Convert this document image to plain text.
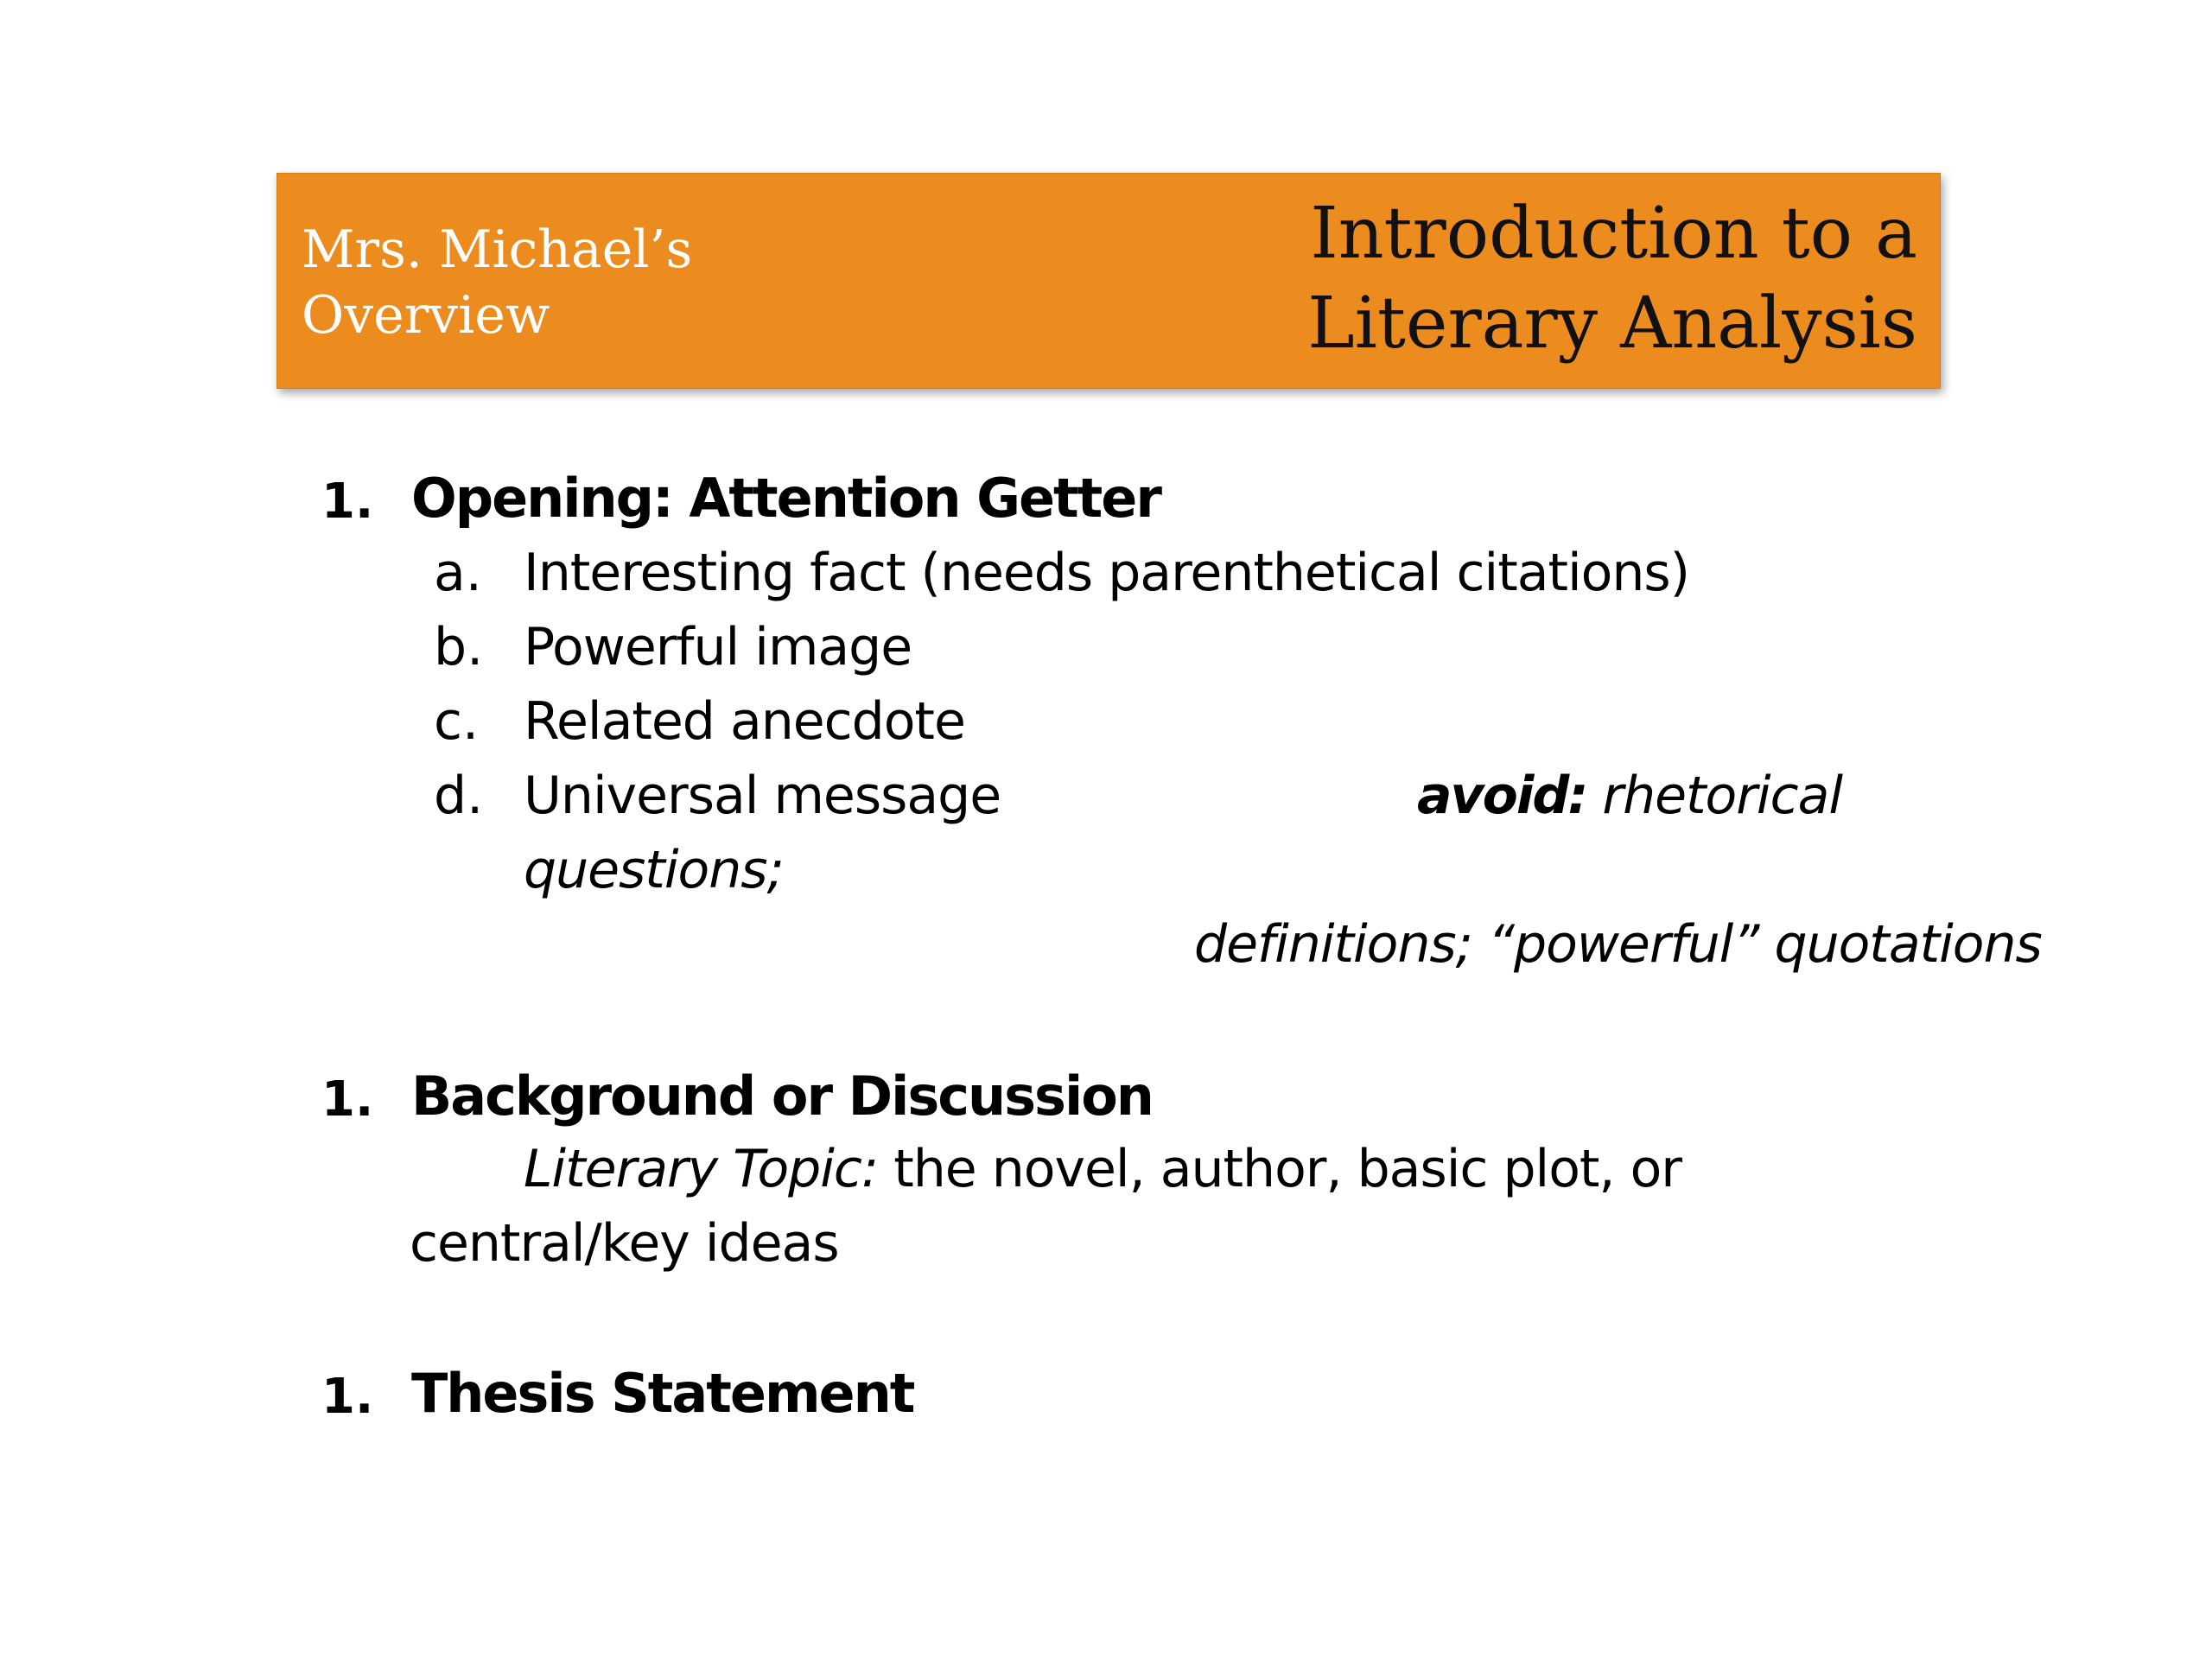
Mrs. Michael’s
Overview
Introduction to a
Literary Analysis
1. Opening: Attention Getter
a. Interesting fact (needs parenthetical citations)
b. Powerful image
c. Related anecdote
d. Universal message	avoid: rhetorical
questions;
definitions; “powerful” quotations
1. Background or Discussion
Literary Topic: the novel, author, basic plot, or
central/key ideas
1. Thesis Statement
